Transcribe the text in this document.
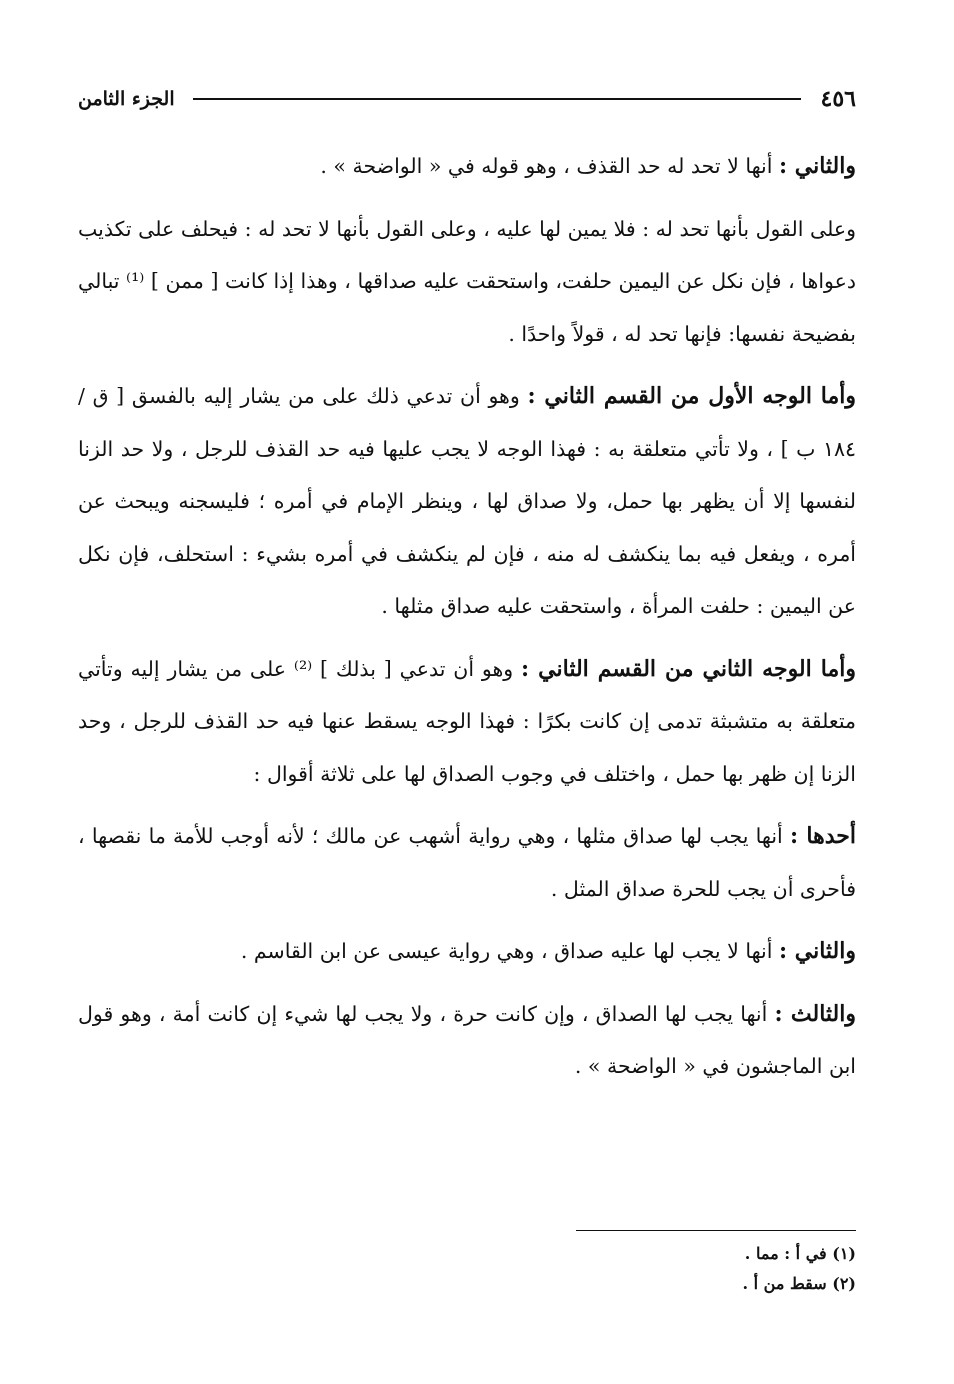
٤٥٦
الجزء الثامن

والثاني : أنها لا تحد له حد القذف ، وهو قوله في « الواضحة » .

وعلى القول بأنها تحد له : فلا يمين لها عليه ، وعلى القول بأنها لا تحد له : فيحلف على تكذيب دعواها ، فإن نكل عن اليمين حلفت، واستحقت عليه صداقها ، وهذا إذا كانت [ ممن ] ⁽¹⁾ تبالي بفضيحة نفسها: فإنها تحد له ، قولاً واحدًا .

وأما الوجه الأول من القسم الثاني : وهو أن تدعي ذلك على من يشار إليه بالفسق [ ق / ١٨٤ ب ] ، ولا تأتي متعلقة به : فهذا الوجه لا يجب عليها فيه حد القذف للرجل ، ولا حد الزنا لنفسها إلا أن يظهر بها حمل، ولا صداق لها ، وينظر الإمام في أمره ؛ فليسجنه ويبحث عن أمره ، ويفعل فيه بما ينكشف له منه ، فإن لم ينكشف في أمره بشيء : استحلف، فإن نكل عن اليمين : حلفت المرأة ، واستحقت عليه صداق مثلها .

وأما الوجه الثاني من القسم الثاني : وهو أن تدعي [ بذلك ] ⁽²⁾ على من يشار إليه وتأتي متعلقة به متشبثة تدمى إن كانت بكرًا : فهذا الوجه يسقط عنها فيه حد القذف للرجل ، وحد الزنا إن ظهر بها حمل ، واختلف في وجوب الصداق لها على ثلاثة أقوال :

أحدها : أنها يجب لها صداق مثلها ، وهي رواية أشهب عن مالك ؛ لأنه أوجب للأمة ما نقصها ، فأحرى أن يجب للحرة صداق المثل .

والثاني : أنها لا يجب لها عليه صداق ، وهي رواية عيسى عن ابن القاسم .

والثالث : أنها يجب لها الصداق ، وإن كانت حرة ، ولا يجب لها شيء إن كانت أمة ، وهو قول ابن الماجشون في « الواضحة » .

(١) في أ : مما .

(٢) سقط من أ .
